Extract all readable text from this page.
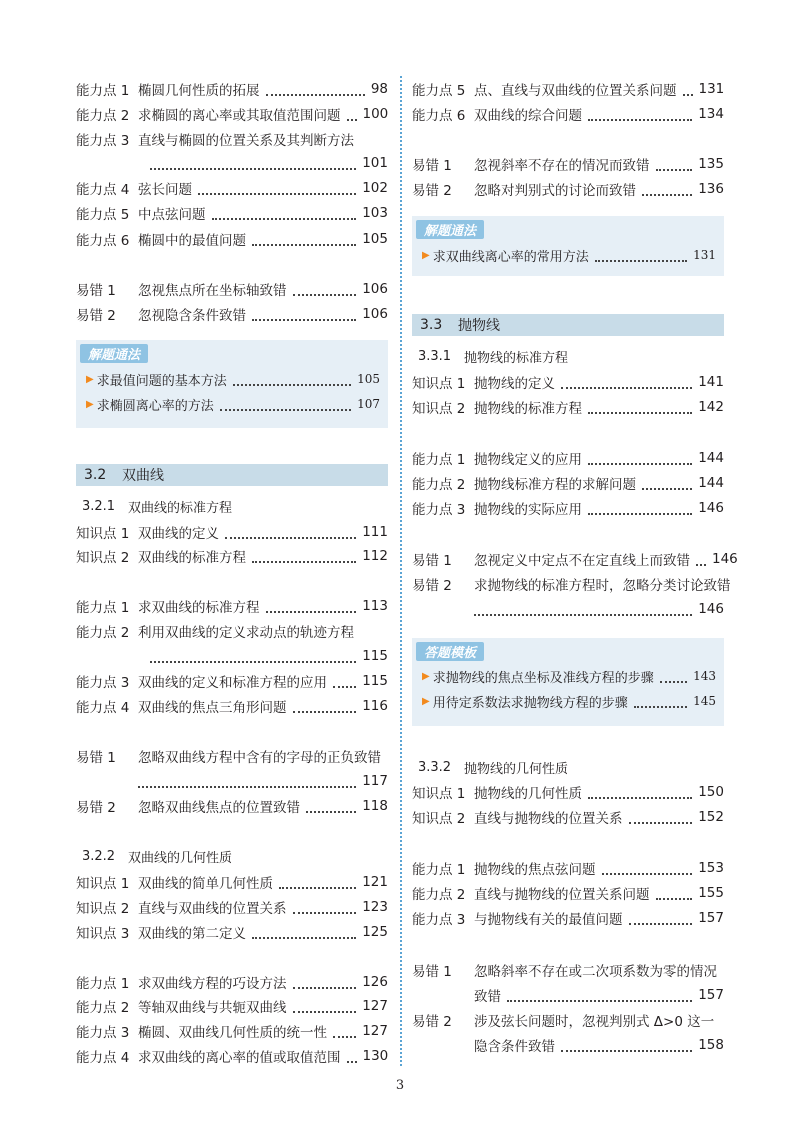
能力点 1 椭圆几何性质的拓展	98
能力点 2 求椭圆的离心率或其取值范围问题 100
能力点 3 直线与椭圆的位置关系及其判断方法
101
能力点 4 弦长问题	102
能力点 5 中点弦问题	103
能力点 6 椭圆中的最值问题	105
易错 1	忽视焦点所在坐标轴致错	106
易错 2	忽视隐含条件致错	106
解题通法
▶ 求最值问题的基本方法	105
▶ 求椭圆离心率的方法	107
3.2	双曲线
3.2.1 双曲线的标准方程
知识点 1 双曲线的定义	111
知识点 2 双曲线的标准方程	112
能力点 1 求双曲线的标准方程	113
能力点 2 利用双曲线的定义求动点的轨迹方程
115
能力点 3 双曲线的定义和标准方程的应用	115
能力点 4 双曲线的焦点三角形问题	116
易错 1	忽略双曲线方程中含有的字母的正负致错
117
易错 2	忽略双曲线焦点的位置致错	118
3.2.2 双曲线的几何性质
知识点 1 双曲线的简单几何性质	121
知识点 2 直线与双曲线的位置关系	123
知识点 3 双曲线的第二定义	125
能力点 1 求双曲线方程的巧设方法	126
能力点 2 等轴双曲线与共轭双曲线	127
能力点 3 椭圆、双曲线几何性质的统一性	127
能力点 4 求双曲线的离心率的值或取值范围 130
能力点 5 点、直线与双曲线的位置关系问题 131
能力点 6 双曲线的综合问题	134
易错 1	忽视斜率不存在的情况而致错	135
易错 2	忽略对判别式的讨论而致错	136
解题通法
▶ 求双曲线离心率的常用方法	131
3.3	抛物线
3.3.1 抛物线的标准方程
知识点 1 抛物线的定义	141
知识点 2 抛物线的标准方程	142
能力点 1 抛物线定义的应用	144
能力点 2 抛物线标准方程的求解问题	144
能力点 3 抛物线的实际应用	146
易错 1	忽视定义中定点不在定直线上而致错 146
易错 2	求抛物线的标准方程时，忽略分类讨论致错
146
答题模板
▶ 求抛物线的焦点坐标及准线方程的步骤	143
▶ 用待定系数法求抛物线方程的步骤	145
3.3.2 抛物线的几何性质
知识点 1 抛物线的几何性质	150
知识点 2 直线与抛物线的位置关系	152
能力点 1 抛物线的焦点弦问题	153
能力点 2 直线与抛物线的位置关系问题	155
能力点 3 与抛物线有关的最值问题	157
易错 1	忽略斜率不存在或二次项系数为零的情况
致错	157
易错 2	涉及弦长问题时，忽视判别式 Δ>0 这一
隐含条件致错	158
3
